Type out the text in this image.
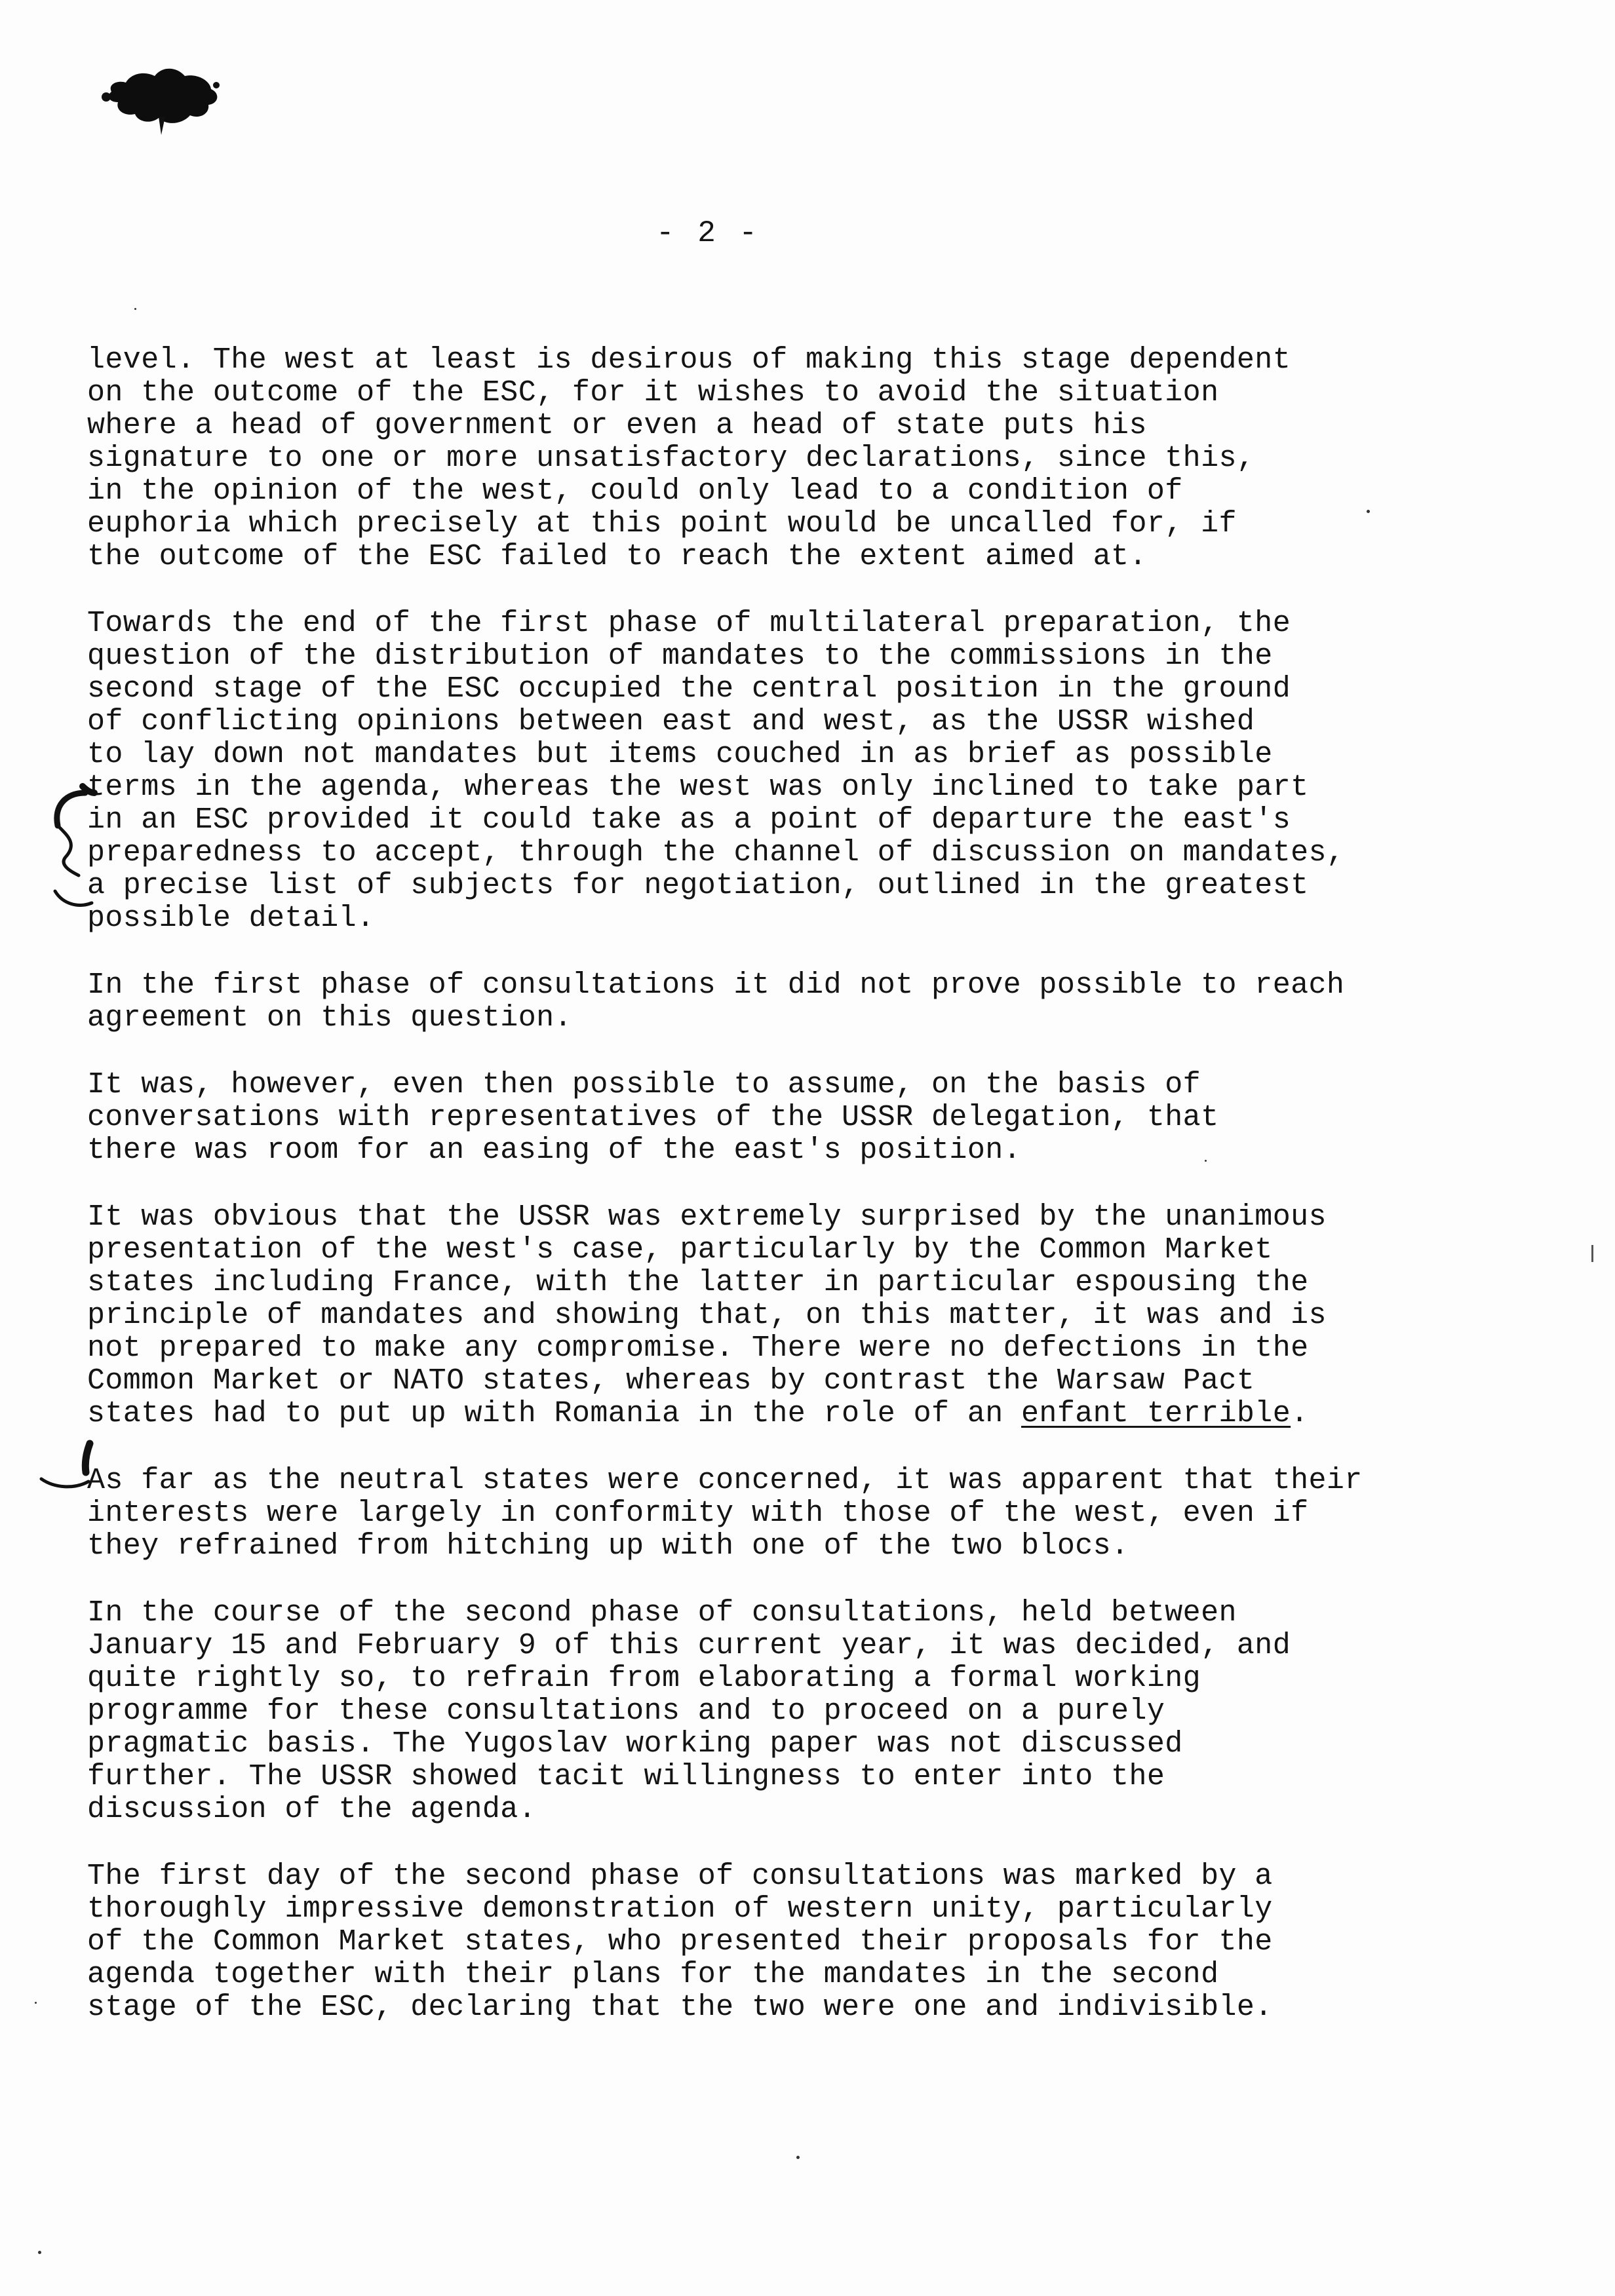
- 2 -

level. The west at least is desirous of making this stage dependent
on the outcome of the ESC, for it wishes to avoid the situation
where a head of government or even a head of state puts his
signature to one or more unsatisfactory declarations, since this,
in the opinion of the west, could only lead to a condition of
euphoria which precisely at this point would be uncalled for, if
the outcome of the ESC failed to reach the extent aimed at.

Towards the end of the first phase of multilateral preparation, the
question of the distribution of mandates to the commissions in the
second stage of the ESC occupied the central position in the ground
of conflicting opinions between east and west, as the USSR wished
to lay down not mandates but items couched in as brief as possible
terms in the agenda, whereas the west was only inclined to take part
in an ESC provided it could take as a point of departure the east's
preparedness to accept, through the channel of discussion on mandates,
a precise list of subjects for negotiation, outlined in the greatest
possible detail.

In the first phase of consultations it did not prove possible to reach
agreement on this question.

It was, however, even then possible to assume, on the basis of
conversations with representatives of the USSR delegation, that
there was room for an easing of the east's position.

It was obvious that the USSR was extremely surprised by the unanimous
presentation of the west's case, particularly by the Common Market
states including France, with the latter in particular espousing the
principle of mandates and showing that, on this matter, it was and is
not prepared to make any compromise. There were no defections in the
Common Market or NATO states, whereas by contrast the Warsaw Pact
states had to put up with Romania in the role of an enfant terrible.

As far as the neutral states were concerned, it was apparent that their
interests were largely in conformity with those of the west, even if
they refrained from hitching up with one of the two blocs.

In the course of the second phase of consultations, held between
January 15 and February 9 of this current year, it was decided, and
quite rightly so, to refrain from elaborating a formal working
programme for these consultations and to proceed on a purely
pragmatic basis. The Yugoslav working paper was not discussed
further. The USSR showed tacit willingness to enter into the
discussion of the agenda.

The first day of the second phase of consultations was marked by a
thoroughly impressive demonstration of western unity, particularly
of the Common Market states, who presented their proposals for the
agenda together with their plans for the mandates in the second
stage of the ESC, declaring that the two were one and indivisible.
